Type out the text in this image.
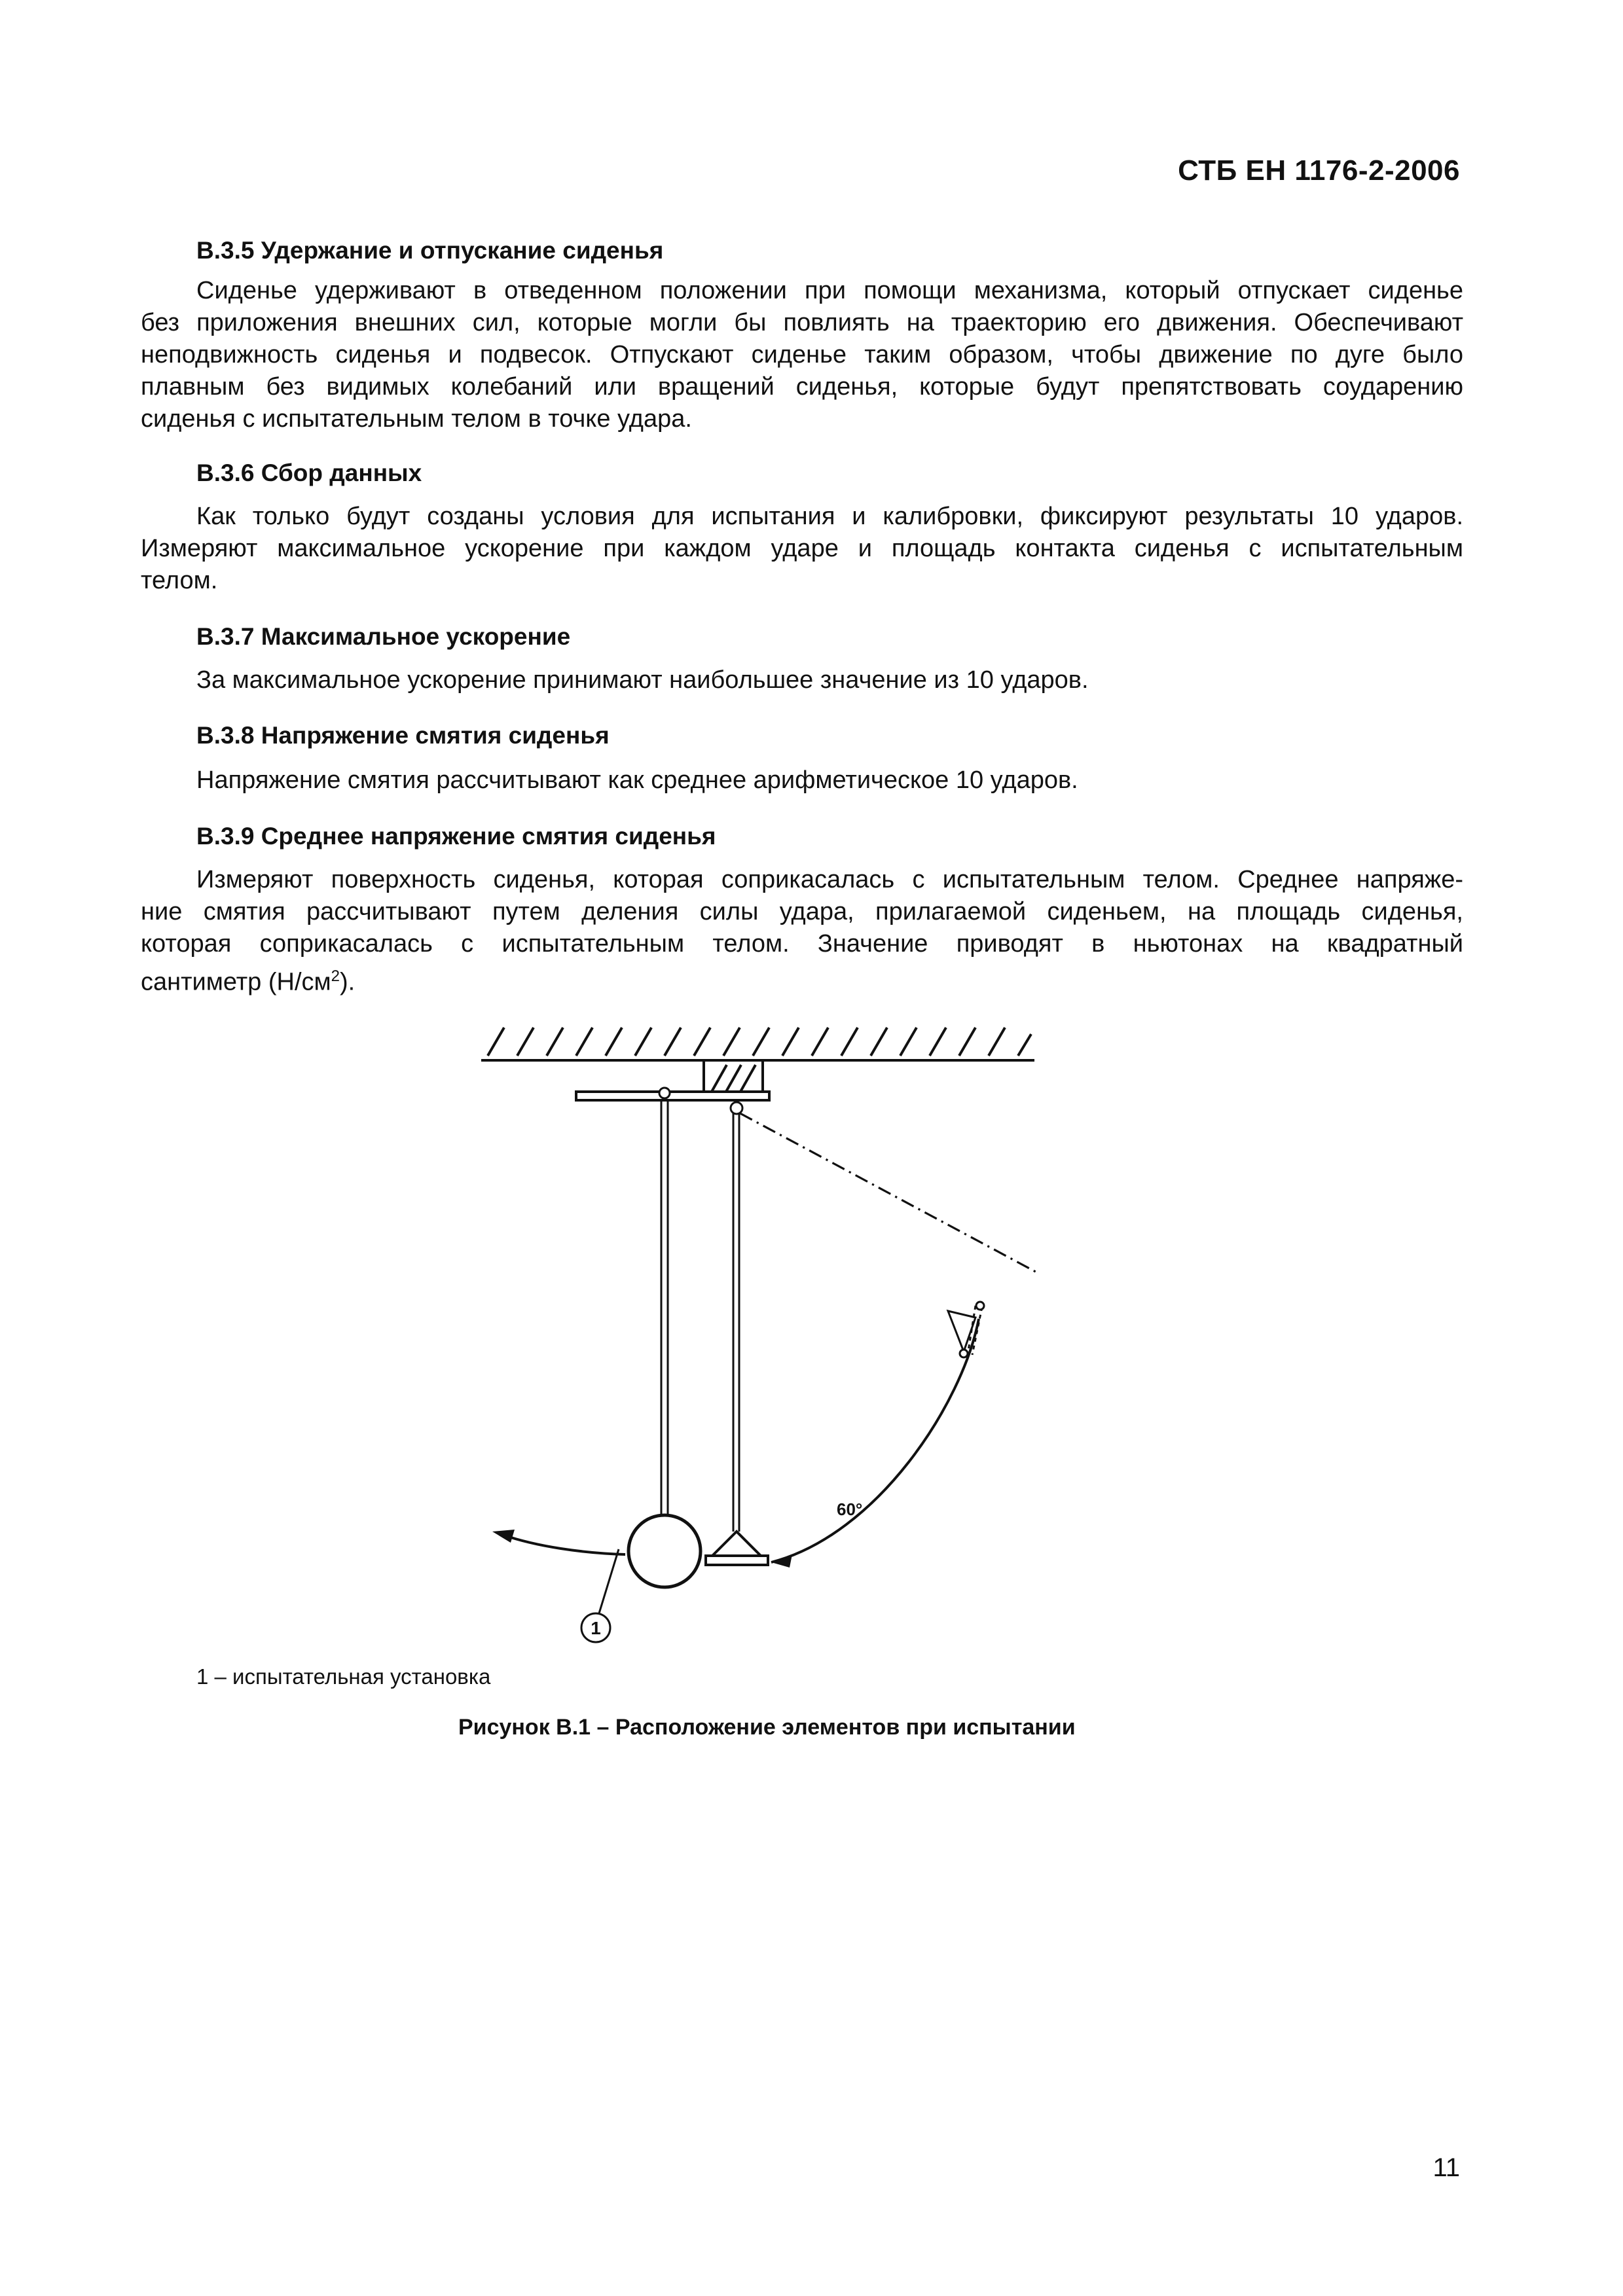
СТБ ЕН 1176-2-2006
В.3.5 Удержание и отпускание сиденья
Сиденье удерживают в отведенном положении при помощи механизма, который отпускает сиденье
без приложения внешних сил, которые могли бы повлиять на траекторию его движения. Обеспечивают
неподвижность сиденья и подвесок. Отпускают сиденье таким образом, чтобы движение по дуге было
плавным без видимых колебаний или вращений сиденья, которые будут препятствовать соударению
сиденья с испытательным телом в точке удара.
В.3.6 Сбор данных
Как только будут созданы условия для испытания и калибровки, фиксируют результаты 10 ударов.
Измеряют максимальное ускорение при каждом ударе и площадь контакта сиденья с испытательным
телом.
В.3.7 Максимальное ускорение
За максимальное ускорение принимают наибольшее значение из 10 ударов.
В.3.8 Напряжение смятия сиденья
Напряжение смятия рассчитывают как среднее арифметическое 10 ударов.
В.3.9 Среднее напряжение смятия сиденья
Измеряют поверхность сиденья, которая соприкасалась с испытательным телом. Среднее напряже-
ние смятия рассчитывают путем деления силы удара, прилагаемой сиденьем, на площадь сиденья,
которая соприкасалась с испытательным телом. Значение приводят в ньютонах на квадратный
сантиметр $(Н/см^2)$.
60°
1
1 – испытательная установка
Рисунок В.1 – Расположение элементов при испытании
11
